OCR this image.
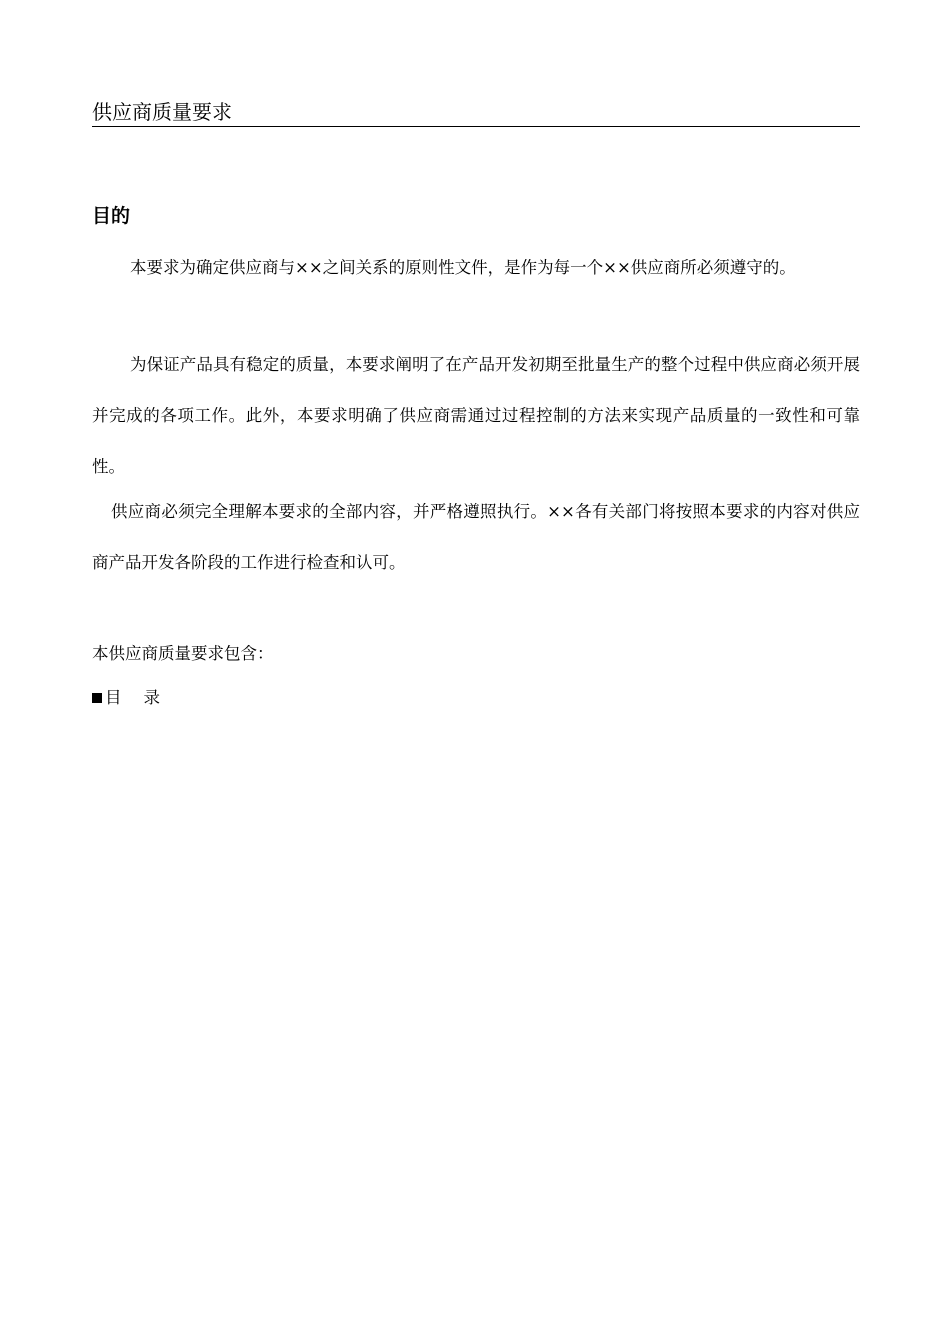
供应商质量要求
目的

本要求为确定供应商与××之间关系的原则性文件，是作为每一个××供应商所必须遵守的。

为保证产品具有稳定的质量，本要求阐明了在产品开发初期至批量生产的整个过程中供应商必须开展并完成的各项工作。此外，本要求明确了供应商需通过过程控制的方法来实现产品质量的一致性和可靠性。

供应商必须完全理解本要求的全部内容，并严格遵照执行。××各有关部门将按照本要求的内容对供应商产品开发各阶段的工作进行检查和认可。

本供应商质量要求包含：
目 录
